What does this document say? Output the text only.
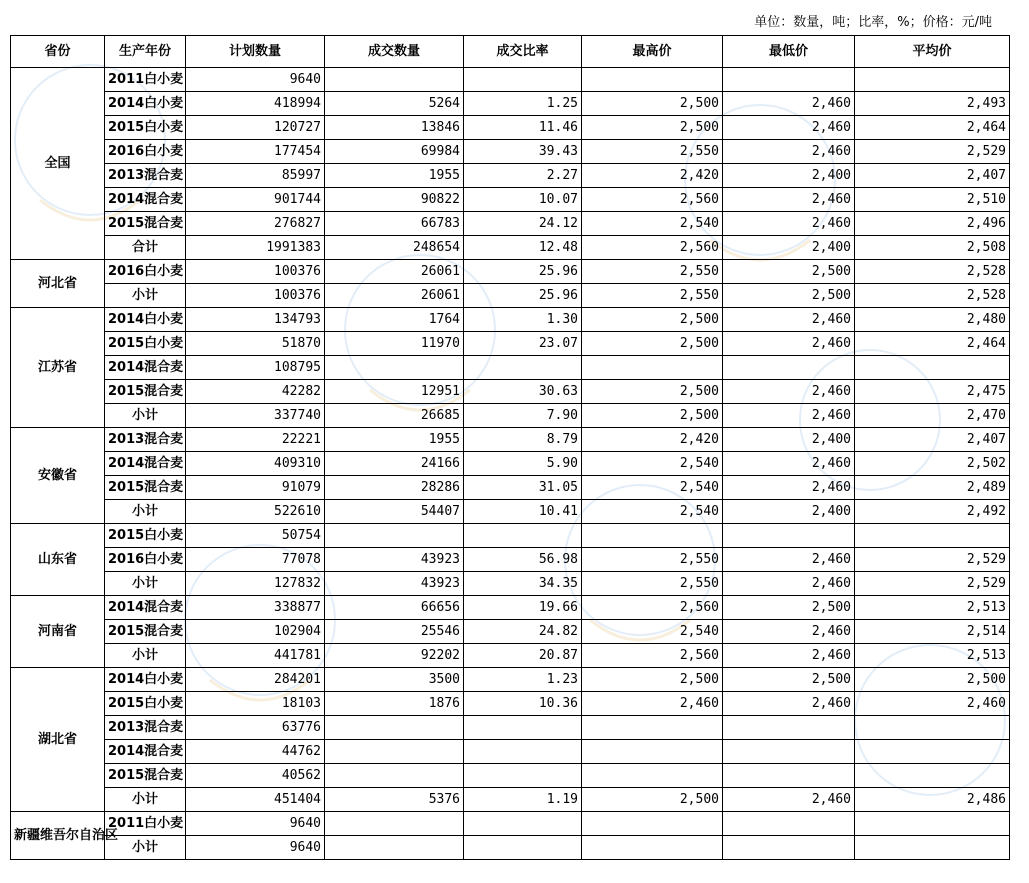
单位：数量，吨；比率，%；价格：元/吨
省份	生产年份	计划数量	成交数量	成交比率	最高价	最低价	平均价
全国	2011白小麦	9640					
	2014白小麦	418994	5264	1.25	2,500	2,460	2,493
	2015白小麦	120727	13846	11.46	2,500	2,460	2,464
	2016白小麦	177454	69984	39.43	2,550	2,460	2,529
	2013混合麦	85997	1955	2.27	2,420	2,400	2,407
	2014混合麦	901744	90822	10.07	2,560	2,460	2,510
	2015混合麦	276827	66783	24.12	2,540	2,460	2,496
	合计	1991383	248654	12.48	2,560	2,400	2,508
河北省	2016白小麦	100376	26061	25.96	2,550	2,500	2,528
	小计	100376	26061	25.96	2,550	2,500	2,528
江苏省	2014白小麦	134793	1764	1.30	2,500	2,460	2,480
	2015白小麦	51870	11970	23.07	2,500	2,460	2,464
	2014混合麦	108795					
	2015混合麦	42282	12951	30.63	2,500	2,460	2,475
	小计	337740	26685	7.90	2,500	2,460	2,470
安徽省	2013混合麦	22221	1955	8.79	2,420	2,400	2,407
	2014混合麦	409310	24166	5.90	2,540	2,460	2,502
	2015混合麦	91079	28286	31.05	2,540	2,460	2,489
	小计	522610	54407	10.41	2,540	2,400	2,492
山东省	2015白小麦	50754					
	2016白小麦	77078	43923	56.98	2,550	2,460	2,529
	小计	127832	43923	34.35	2,550	2,460	2,529
河南省	2014混合麦	338877	66656	19.66	2,560	2,500	2,513
	2015混合麦	102904	25546	24.82	2,540	2,460	2,514
	小计	441781	92202	20.87	2,560	2,460	2,513
湖北省	2014白小麦	284201	3500	1.23	2,500	2,500	2,500
	2015白小麦	18103	1876	10.36	2,460	2,460	2,460
	2013混合麦	63776					
	2014混合麦	44762					
	2015混合麦	40562					
	小计	451404	5376	1.19	2,500	2,460	2,486
新疆维吾尔自治区	2011白小麦	9640					
	小计	9640					
